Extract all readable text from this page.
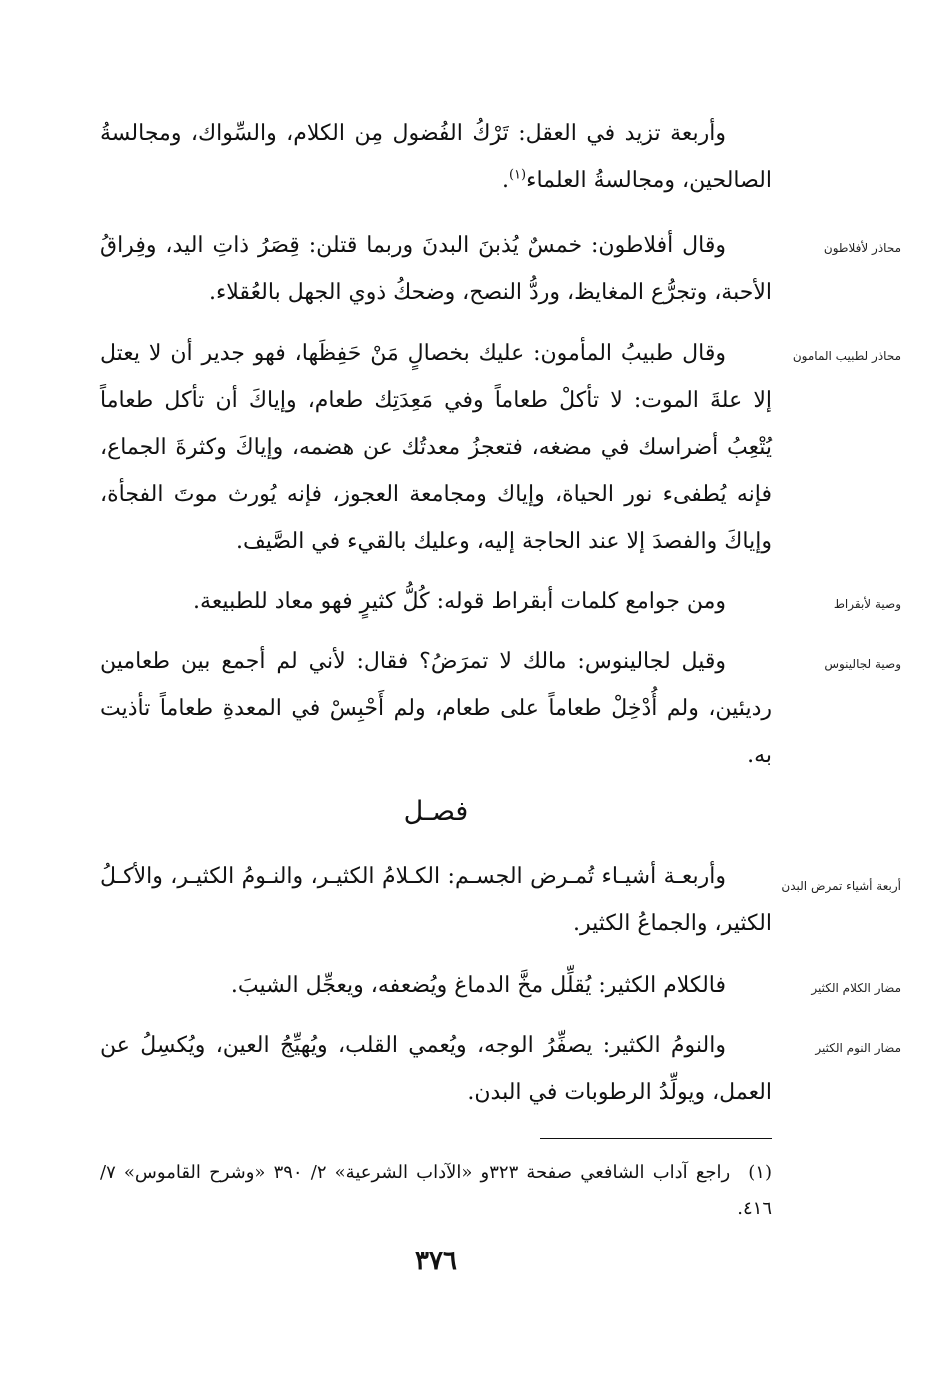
وأربعة تزيد في العقل: تَرْكُ الفُضول مِن الكلام، والسِّواك، ومجالسةُ الصالحين، ومجالسةُ العلماء$^{(١)}$.

محاذر لأفلاطون

وقال أفلاطون: خمسٌ يُذبنَ البدنَ وربما قتلن: قِصَرُ ذاتِ اليد، وفِراقُ الأحبة، وتجرُّع المغايظ، وردُّ النصح، وضحكُ ذوي الجهل بالعُقلاء.

محاذر لطبيب المامون

وقال طبيبُ المأمون: عليك بخصالٍ مَنْ حَفِظَها، فهو جدير أن لا يعتل إلا علةَ الموت: لا تأكلْ طعاماً وفي مَعِدَتِك طعام، وإياكَ أن تأكل طعاماً يُتْعِبُ أضراسك في مضغه، فتعجزُ معدتُك عن هضمه، وإياكَ وكثرةَ الجماع، فإنه يُطفىء نور الحياة، وإياك ومجامعة العجوز، فإنه يُورث موتَ الفجأة، وإياكَ والفصدَ إلا عند الحاجة إليه، وعليك بالقيء في الصَّيف.

وصية لأبقراط

ومن جوامع كلمات أبقراط قوله: كُلُّ كثيرٍ فهو معاد للطبيعة.

وصية لجالينوس

وقيل لجالينوس: مالك لا تمرَضُ؟ فقال: لأني لم أجمع بين طعامين رديئين، ولم أُدْخِلْ طعاماً على طعام، ولم أَحْبِسْ في المعدةِ طعاماً تأذيت به.

فصـل
أربعة أشياء تمرض البدن

وأربعـة أشيـاء تُمـرض الجسـم: الكـلامُ الكثيـر، والنـومُ الكثيـر، والأكـلُ الكثير، والجماعُ الكثير.

مضار الكلام الكثير

فالكلام الكثير: يُقلِّل مخَّ الدماغ ويُضعفه، ويعجِّل الشيبَ.

مضار النوم الكثير

والنومُ الكثير: يصفِّرُ الوجه، ويُعمي القلب، ويُهيِّجُ العين، ويُكسِلُ عن العمل، ويولِّدُ الرطوبات في البدن.

(١)راجع آداب الشافعي صفحة ٣٢٣و «الآداب الشرعية» ٢/ ٣٩٠ «وشرح القاموس» ٧/ ٤١٦.
٣٧٦
